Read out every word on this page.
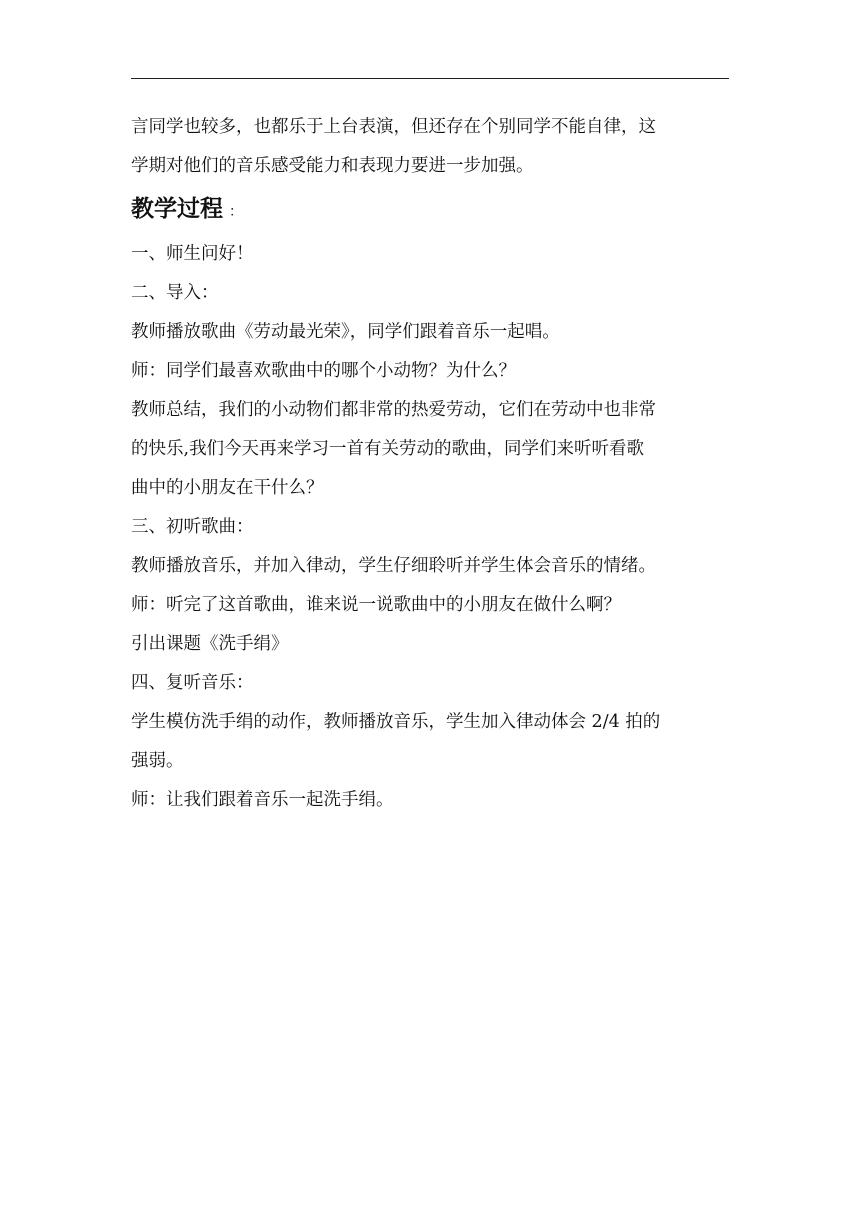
言同学也较多，也都乐于上台表演，但还存在个别同学不能自律，这
学期对他们的音乐感受能力和表现力要进一步加强。
教学过程 ：
一、师生问好！
二、导入：
教师播放歌曲《劳动最光荣》，同学们跟着音乐一起唱。
师：同学们最喜欢歌曲中的哪个小动物？为什么？
教师总结，我们的小动物们都非常的热爱劳动，它们在劳动中也非常
的快乐,我们今天再来学习一首有关劳动的歌曲，同学们来听听看歌
曲中的小朋友在干什么？
三、初听歌曲：
教师播放音乐，并加入律动，学生仔细聆听并学生体会音乐的情绪。
师：听完了这首歌曲，谁来说一说歌曲中的小朋友在做什么啊？
引出课题《洗手绢》
四、复听音乐：
学生模仿洗手绢的动作，教师播放音乐，学生加入律动体会 2/4 拍的
强弱。
师：让我们跟着音乐一起洗手绢。
